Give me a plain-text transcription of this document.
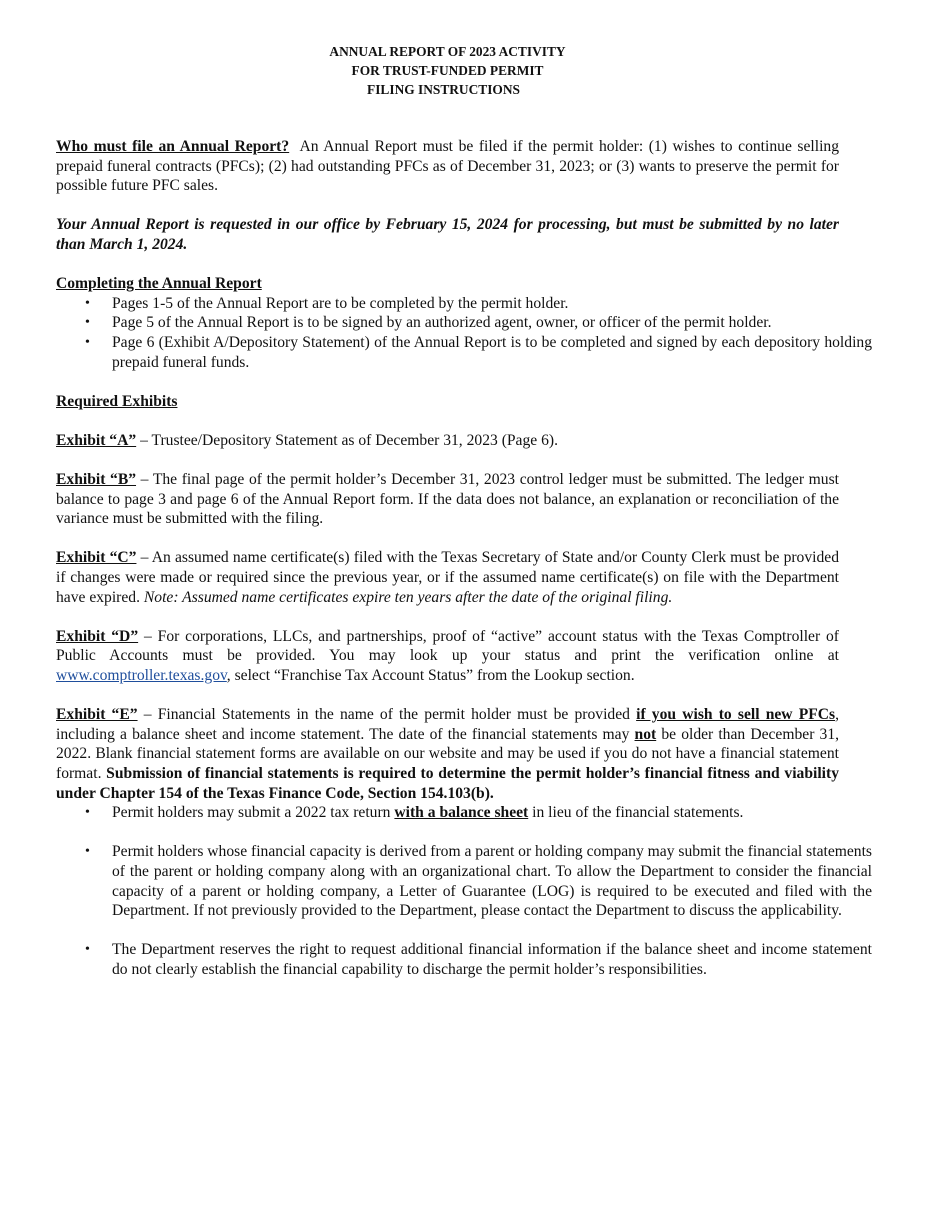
ANNUAL REPORT OF 2023 ACTIVITY
FOR TRUST-FUNDED PERMIT
FILING INSTRUCTIONS

Who must file an Annual Report? An Annual Report must be filed if the permit holder: (1) wishes to continue selling prepaid funeral contracts (PFCs); (2) had outstanding PFCs as of December 31, 2023; or (3) wants to preserve the permit for possible future PFC sales.

Your Annual Report is requested in our office by February 15, 2024 for processing, but must be submitted by no later than March 1, 2024.

Completing the Annual Report

• Pages 1-5 of the Annual Report are to be completed by the permit holder.
• Page 5 of the Annual Report is to be signed by an authorized agent, owner, or officer of the permit holder.
• Page 6 (Exhibit A/Depository Statement) of the Annual Report is to be completed and signed by each depository holding prepaid funeral funds.

Required Exhibits

Exhibit “A” – Trustee/Depository Statement as of December 31, 2023 (Page 6).

Exhibit “B” – The final page of the permit holder’s December 31, 2023 control ledger must be submitted. The ledger must balance to page 3 and page 6 of the Annual Report form. If the data does not balance, an explanation or reconciliation of the variance must be submitted with the filing.

Exhibit “C” – An assumed name certificate(s) filed with the Texas Secretary of State and/or County Clerk must be provided if changes were made or required since the previous year, or if the assumed name certificate(s) on file with the Department have expired. Note: Assumed name certificates expire ten years after the date of the original filing.

Exhibit “D” – For corporations, LLCs, and partnerships, proof of “active” account status with the Texas Comptroller of Public Accounts must be provided. You may look up your status and print the verification online at www.comptroller.texas.gov, select “Franchise Tax Account Status” from the Lookup section.

Exhibit “E” – Financial Statements in the name of the permit holder must be provided if you wish to sell new PFCs, including a balance sheet and income statement. The date of the financial statements may not be older than December 31, 2022. Blank financial statement forms are available on our website and may be used if you do not have a financial statement format. Submission of financial statements is required to determine the permit holder’s financial fitness and viability under Chapter 154 of the Texas Finance Code, Section 154.103(b).

• Permit holders may submit a 2022 tax return with a balance sheet in lieu of the financial statements.
• Permit holders whose financial capacity is derived from a parent or holding company may submit the financial statements of the parent or holding company along with an organizational chart. To allow the Department to consider the financial capacity of a parent or holding company, a Letter of Guarantee (LOG) is required to be executed and filed with the Department. If not previously provided to the Department, please contact the Department to discuss the applicability.
• The Department reserves the right to request additional financial information if the balance sheet and income statement do not clearly establish the financial capability to discharge the permit holder’s responsibilities.
